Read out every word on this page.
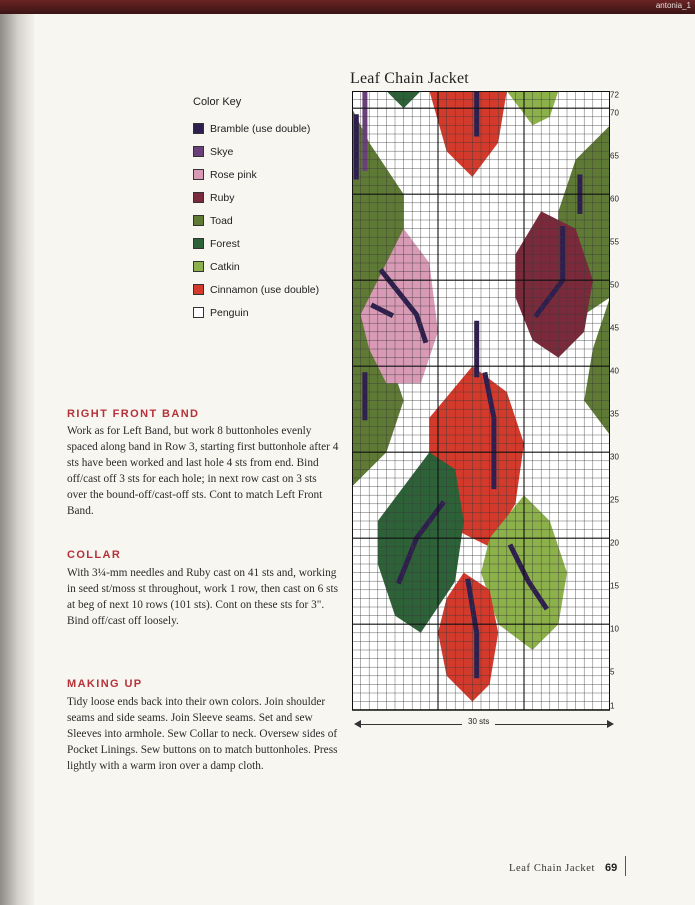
antonia_1
Leaf Chain Jacket
Color Key
Bramble (use double)
Skye
Rose pink
Ruby
Toad
Forest
Catkin
Cinnamon (use double)
Penguin
RIGHT FRONT BAND

Work as for Left Band, but work 8 buttonholes evenly spaced along band in Row 3, starting first buttonhole after 4 sts have been worked and last hole 4 sts from end. Bind off/cast off 3 sts for each hole; in next row cast on 3 sts over the bound-off/cast-off sts. Cont to match Left Front Band.

COLLAR

With 3¼-mm needles and Ruby cast on 41 sts and, working in seed st/moss st throughout, work 1 row, then cast on 6 sts at beg of next 10 rows (101 sts). Cont on these sts for 3". Bind off/cast off loosely.

MAKING UP

Tidy loose ends back into their own colors. Join shoulder seams and side seams. Join Sleeve seams. Set and sew Sleeves into armhole. Sew Collar to neck. Oversew sides of Pocket Linings. Sew buttons on to match buttonholes. Press lightly with a warm iron over a damp cloth.

1
5
10
15
20
25
30
35
40
45
50
55
60
65
70
72
30 sts
Leaf Chain Jacket 69
